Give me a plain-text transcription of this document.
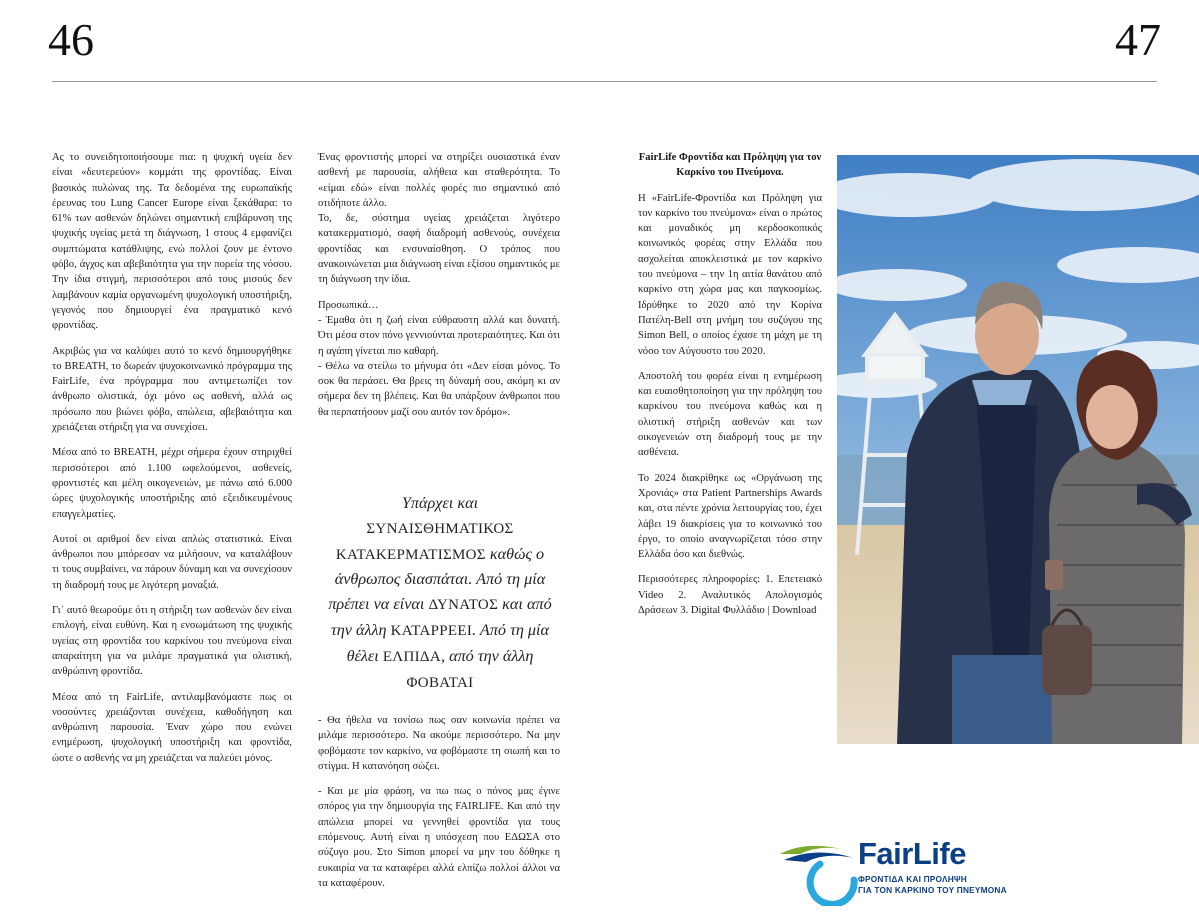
46	47

Ας το συνειδητοποιήσουμε πια: η ψυχική υγεία δεν είναι «δευτερεύον» κομμάτι της φροντίδας. Είναι βασικός πυλώνας της. Τα δεδομένα της ευρωπαϊκής έρευνας του Lung Cancer Europe είναι ξεκάθαρα: το 61% των ασθενών δηλώνει σημαντική επιβάρυνση της ψυχικής υγείας μετά τη διάγνωση, 1 στους 4 εμφανίζει συμπτώματα κατάθλιψης, ενώ πολλοί ζουν με έντονο φόβο, άγχος και αβεβαιότητα για την πορεία της νόσου. Την ίδια στιγμή, περισσότεροι από τους μισούς δεν λαμβάνουν καμία οργανωμένη ψυχολογική υποστήριξη, γεγονός που δημιουργεί ένα πραγματικό κενό φροντίδας.

Ακριβώς για να καλύψει αυτό το κενό δημιουργήθηκε το BREATH, το δωρεάν ψυχοκοινωνικό πρόγραμμα της FairLife, ένα πρόγραμμα που αντιμετωπίζει τον άνθρωπο ολιστικά, όχι μόνο ως ασθενή, αλλά ως πρόσωπο που βιώνει φόβο, απώλεια, αβεβαιότητα και χρειάζεται στήριξη για να συνεχίσει.

Μέσα από το BREATH, μέχρι σήμερα έχουν στηριχθεί περισσότεροι από 1.100 ωφελούμενοι, ασθενείς, φροντιστές και μέλη οικογενειών, με πάνω από 6.000 ώρες ψυχολογικής υποστήριξης από εξειδικευμένους επαγγελματίες.

Αυτοί οι αριθμοί δεν είναι απλώς στατιστικά. Είναι άνθρωποι που μπόρεσαν να μιλήσουν, να καταλάβουν τι τους συμβαίνει, να πάρουν δύναμη και να συνεχίσουν τη διαδρομή τους με λιγότερη μοναξιά.

Γι᾽ αυτό θεωρούμε ότι η στήριξη των ασθενών δεν είναι επιλογή, είναι ευθύνη. Και η ενσωμάτωση της ψυχικής υγείας στη φροντίδα του καρκίνου του πνεύμονα είναι απαραίτητη για να μιλάμε πραγματικά για ολιστική, ανθρώπινη φροντίδα.

Μέσα από τη FairLife, αντιλαμβανόμαστε πως οι νοσούντες χρειάζονται συνέχεια, καθοδήγηση και ανθρώπινη παρουσία. Έναν χώρο που ενώνει ενημέρωση, ψυχολογική υποστήριξη και φροντίδα, ώστε ο ασθενής να μη χρειάζεται να παλεύει μόνος.

Ένας φροντιστής μπορεί να στηρίξει ουσιαστικά έναν ασθενή με παρουσία, αλήθεια και σταθερότητα. Το «είμαι εδώ» είναι πολλές φορές πιο σημαντικό από οτιδήποτε άλλο.

Το, δε, σύστημα υγείας χρειάζεται λιγότερο κατακερματισμό, σαφή διαδρομή ασθενούς, συνέχεια φροντίδας και ενσυναίσθηση. Ο τρόπος που ανακοινώνεται μια διάγνωση είναι εξίσου σημαντικός με τη διάγνωση την ίδια.

Προσωπικά…

- Έμαθα ότι η ζωή είναι εύθραυστη αλλά και δυνατή. Ότι μέσα στον πόνο γεννιούνται προτεραιότητες. Και ότι η αγάπη γίνεται πιο καθαρή.

- Θέλω να στείλω το μήνυμα ότι «Δεν είσαι μόνος. Το σοκ θα περάσει. Θα βρεις τη δύναμή σου, ακόμη κι αν σήμερα δεν τη βλέπεις. Και θα υπάρξουν άνθρωποι που θα περπατήσουν μαζί σου αυτόν τον δρόμο».

Υπάρχει και
ΣΥΝΑΙΣΘΗΜΑΤΙΚΟΣ
ΚΑΤΑΚΕΡΜΑΤΙΣΜΟΣ καθώς ο άνθρωπος διασπάται. Από τη μία πρέπει να είναι ΔΥΝΑΤΟΣ και από την άλλη ΚΑΤΑΡΡΕΕΙ. Από τη μία θέλει ΕΛΠΙΔΑ, από την άλλη
ΦΟΒΑΤΑΙ

- Θα ήθελα να τονίσω πως σαν κοινωνία πρέπει να μιλάμε περισσότερο. Να ακούμε περισσότερο. Να μην φοβόμαστε τον καρκίνο, να φοβόμαστε τη σιωπή και το στίγμα. Η κατανόηση σώζει.

- Και με μία φράση, να πω πως ο πόνος μας έγινε σπόρος για την δημιουργία της FAIRLIFE. Και από την απώλεια μπορεί να γεννηθεί φροντίδα για τους επόμενους. Αυτή είναι η υπόσχεση που ΕΔΩΣΑ στο σύζυγο μου. Στο Simon μπορεί να μην του δόθηκε η ευκαιρία να τα καταφέρει αλλά ελπίζω πολλοί άλλοι να τα καταφέρουν.

FairLife Φροντίδα και Πρόληψη για τον Καρκίνο του Πνεύμονα.

Η «FairLife-Φροντίδα και Πρόληψη για τον καρκίνο του πνεύμονα» είναι ο πρώτος και μοναδικός μη κερδοσκοπικός κοινωνικός φορέας στην Ελλάδα που ασχολείται αποκλειστικά με τον καρκίνο του πνεύμονα – την 1η αιτία θανάτου από καρκίνο στη χώρα μας και παγκοσμίως. Ιδρύθηκε το 2020 από την Κορίνα Πατέλη-Bell στη μνήμη του συζύγου της Simon Bell, ο οποίος έχασε τη μάχη με τη νόσο τον Αύγουστο του 2020.

Αποστολή του φορέα είναι η ενημέρωση και ευαισθητοποίηση για την πρόληψη του καρκίνου του πνεύμονα καθώς και η ολιστική στήριξη ασθενών και των οικογενειών στη διαδρομή τους με την ασθένεια.

Το 2024 διακρίθηκε ως «Οργάνωση της Χρονιάς» στα Patient Partnerships Awards και, στα πέντε χρόνια λειτουργίας του, έχει λάβει 19 διακρίσεις για το κοινωνικό του έργο, το οποίο αναγνωρίζεται τόσο στην Ελλάδα όσο και διεθνώς.

Περισσότερες πληροφορίες: 1. Επετειακό Video 2. Αναλυτικός Απολογισμός Δράσεων 3. Digital Φυλλάδιο | Download

FairLife
ΦΡΟΝΤΙΔΑ ΚΑΙ ΠΡΟΛΗΨΗ
ΓΙΑ ΤΟΝ ΚΑΡΚΙΝΟ ΤΟΥ ΠΝΕΥΜΟΝΑ
